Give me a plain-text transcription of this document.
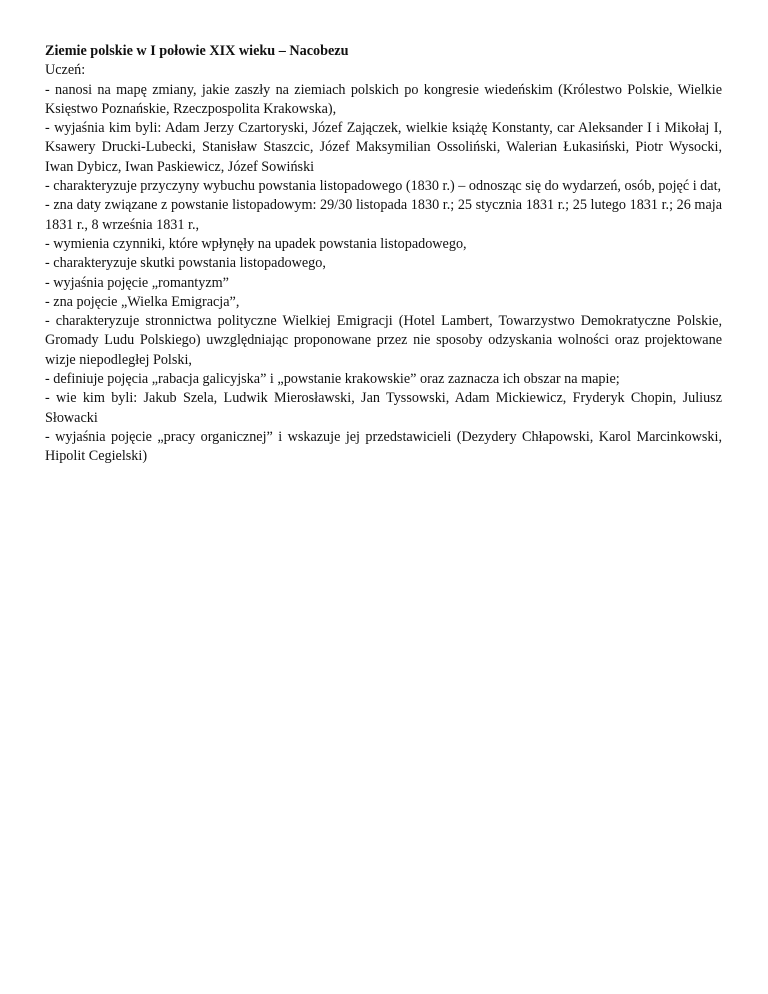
Ziemie polskie w I połowie XIX wieku – Nacobezu

Uczeń:

- nanosi na mapę zmiany, jakie zaszły na ziemiach polskich po kongresie wiedeńskim (Królestwo Polskie, Wielkie Księstwo Poznańskie, Rzeczpospolita Krakowska),

- wyjaśnia kim byli: Adam Jerzy Czartoryski, Józef Zajączek, wielkie książę Konstanty, car Aleksander I i Mikołaj I, Ksawery Drucki-Lubecki, Stanisław Staszcic, Józef Maksymilian Ossoliński, Walerian Łukasiński, Piotr Wysocki, Iwan Dybicz, Iwan Paskiewicz, Józef Sowiński

- charakteryzuje przyczyny wybuchu powstania listopadowego (1830 r.) – odnosząc się do wydarzeń, osób, pojęć i dat,

- zna daty związane z powstanie listopadowym: 29/30 listopada 1830 r.; 25 stycznia 1831 r.; 25 lutego 1831 r.; 26 maja 1831 r., 8 września 1831 r.,

- wymienia czynniki, które wpłynęły na upadek powstania listopadowego,

- charakteryzuje skutki powstania listopadowego,

- wyjaśnia pojęcie „romantyzm”

- zna pojęcie „Wielka Emigracja”,

- charakteryzuje stronnictwa polityczne Wielkiej Emigracji (Hotel Lambert, Towarzystwo Demokratyczne Polskie, Gromady Ludu Polskiego) uwzględniając proponowane przez nie sposoby odzyskania wolności oraz projektowane wizje niepodległej Polski,

- definiuje pojęcia „rabacja galicyjska” i „powstanie krakowskie” oraz zaznacza ich obszar na mapie;

- wie kim byli: Jakub Szela, Ludwik Mierosławski, Jan Tyssowski, Adam Mickiewicz, Fryderyk Chopin, Juliusz Słowacki

- wyjaśnia pojęcie „pracy organicznej” i wskazuje jej przedstawicieli (Dezydery Chłapowski, Karol Marcinkowski, Hipolit Cegielski)
